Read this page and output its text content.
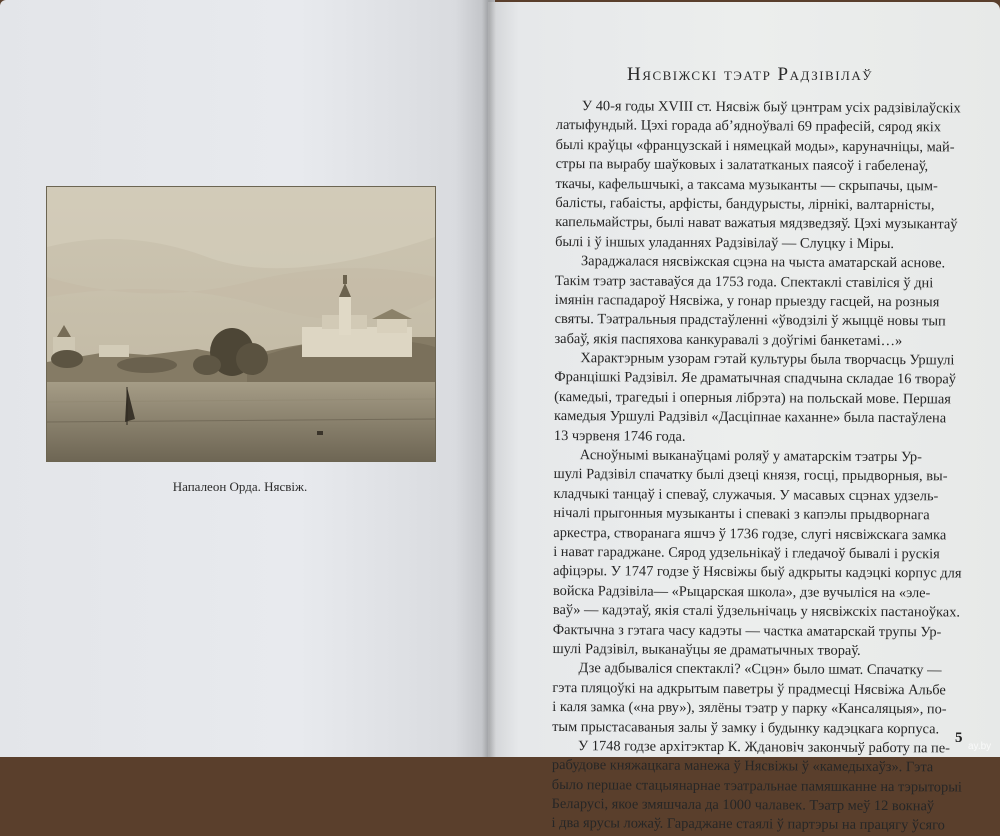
Напалеон Орда. Нясвіж.
Нясвіжскі тэатр Радзівілаў
У 40-я годы XVIII ст. Нясвіж быў цэнтрам усіх радзівілаўскіх
латыфундый. Цэхі горада аб’ядноўвалі 69 прафесій, сярод якіх
былі краўцы «французскай і нямецкай моды», каруначніцы, май-
стры па вырабу шаўковых і залататканых паясоў і габеленаў,
ткачы, кафельшчыкі, а таксама музыканты — скрыпачы, цым-
балісты, габаісты, арфісты, бандурысты, лірнікі, валтарністы,
капельмайстры, былі нават важатыя мядзведзяў. Цэхі музыкантаў
былі і ў іншых уладаннях Радзівілаў — Слуцку і Міры.
Зараджалася нясвіжская сцэна на чыста аматарскай аснове.
Такім тэатр заставаўся да 1753 года. Спектаклі ставіліся ў дні
імянін гаспадароў Нясвіжа, у гонар прыезду гасцей, на розныя
святы. Тэатральныя прадстаўленні «ўводзілі ў жыццё новы тып
забаў, якія паспяхова канкуравалі з доўгімі банкетамі…»
Характэрным узорам гэтай культуры была творчасць Уршулі
Францішкі Радзівіл. Яе драматычная спадчына складае 16 твораў
(камедыі, трагедыі і оперныя лібрэта) на польскай мове. Першая
камедыя Уршулі Радзівіл «Дасціпнае каханне» была пастаўлена
13 чэрвеня 1746 года.
Асноўнымі выканаўцамі роляў у аматарскім тэатры Ур-
шулі Радзівіл спачатку былі дзеці князя, госці, прыдворныя, вы-
кладчыкі танцаў і спеваў, служачыя. У масавых сцэнах удзель-
нічалі прыгонныя музыканты і спевакі з капэлы прыдворнага
аркестра, створанага яшчэ ў 1736 годзе, слугі нясвіжскага замка
і нават гараджане. Сярод удзельнікаў і гледачоў бывалі і рускія
афіцэры. У 1747 годзе ў Нясвіжы быў адкрыты кадэцкі корпус для
войска Радзівіла— «Рыцарская школа», дзе вучыліся на «эле-
ваў» — кадэтаў, якія сталі ўдзельнічаць у нясвіжскіх пастаноўках.
Фактычна з гэтага часу кадэты — частка аматарскай трупы Ур-
шулі Радзівіл, выканаўцы яе драматычных твораў.
Дзе адбываліся спектаклі? «Сцэн» было шмат. Спачатку —
гэта пляцоўкі на адкрытым паветры ў прадмесці Нясвіжа Альбе
і каля замка («на рву»), зялёны тэатр у парку «Кансаляцыя», по-
тым прыстасаваныя залы ў замку і будынку кадэцкага корпуса.
У 1748 годзе архітэктар К. Ждановіч закончыў работу па пе-
рабудове княжацкага манежа ў Нясвіжы ў «камедыхаўз». Гэта
было першае стацыянарнае тэатральнае памяшканне на тэрыторыі
Беларусі, якое змяшчала да 1000 чалавек. Тэатр меў 12 вокнаў
і два ярусы ложаў. Гараджане стаялі ў партэры на працягу ўсяго
5
ay.by
